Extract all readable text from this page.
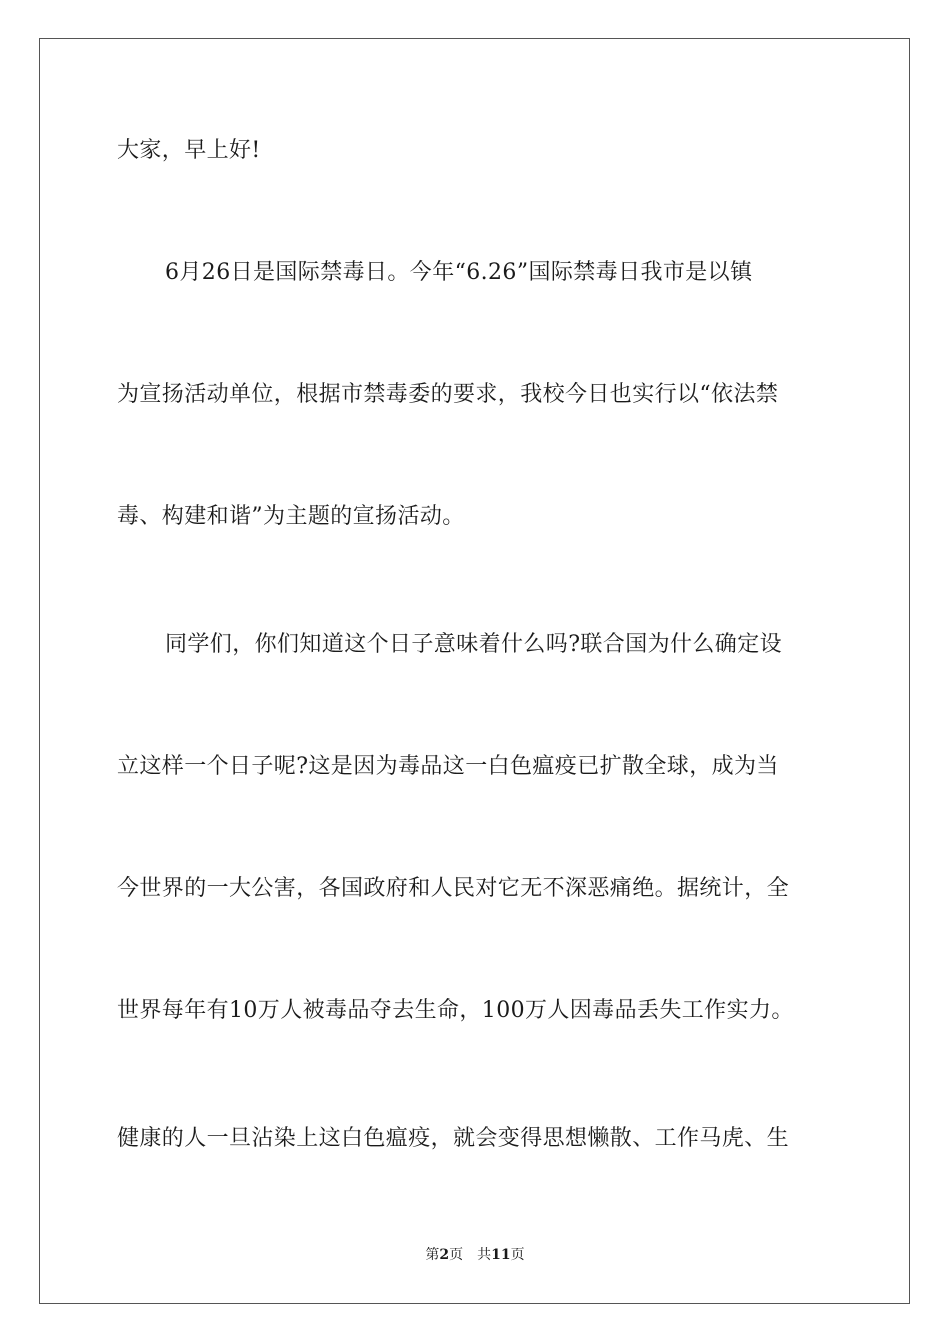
大家，早上好!
6月26日是国际禁毒日。今年“6.26”国际禁毒日我市是以镇
为宣扬活动单位，根据市禁毒委的要求，我校今日也实行以“依法禁
毒、构建和谐”为主题的宣扬活动。
同学们，你们知道这个日子意味着什么吗?联合国为什么确定设
立这样一个日子呢?这是因为毒品这一白色瘟疫已扩散全球，成为当
今世界的一大公害，各国政府和人民对它无不深恶痛绝。据统计，全
世界每年有10万人被毒品夺去生命，100万人因毒品丢失工作实力。
健康的人一旦沾染上这白色瘟疫，就会变得思想懒散、工作马虎、生
第2页 共11页
